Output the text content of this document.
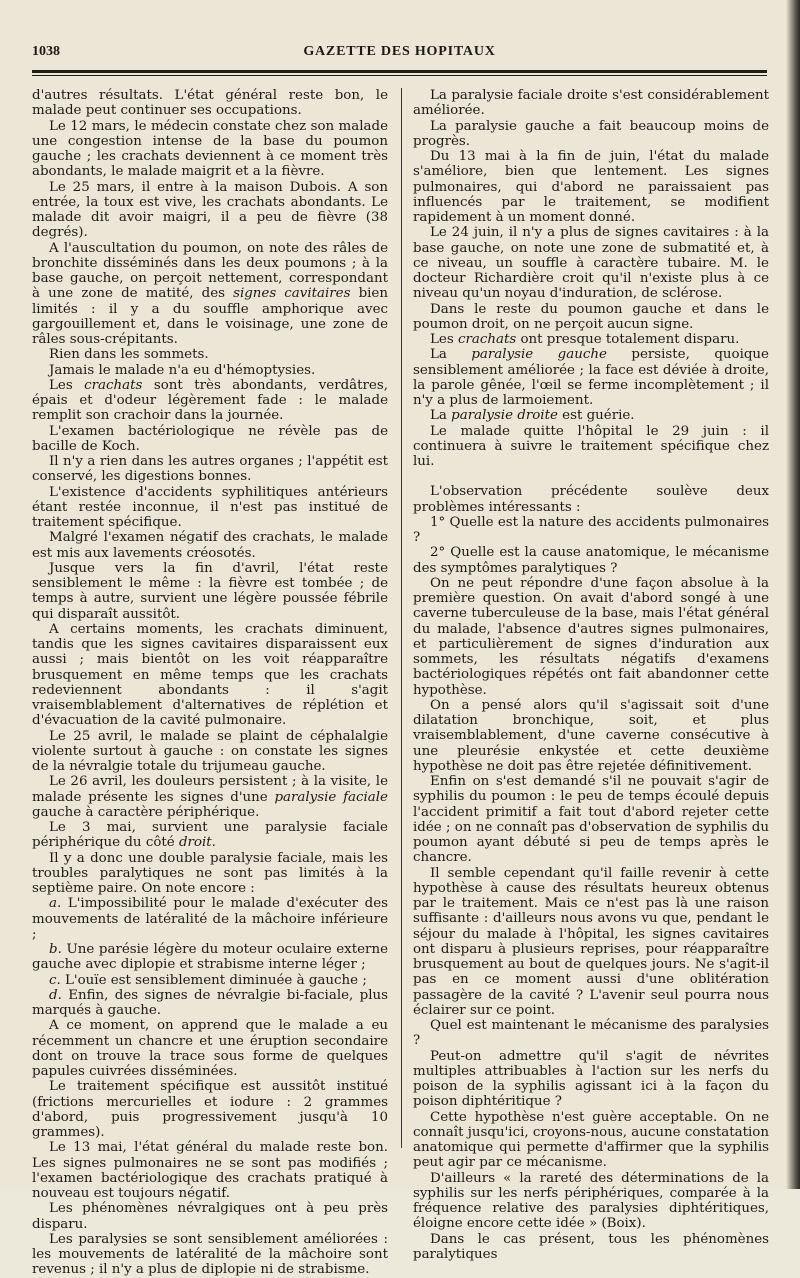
1038	GAZETTE DES HOPITAUX

d'autres résultats. L'état général reste bon, le malade peut continuer ses occupations.

Le 12 mars, le médecin constate chez son malade une congestion intense de la base du poumon gauche ; les crachats deviennent à ce moment très abondants, le malade maigrit et a la fièvre.

Le 25 mars, il entre à la maison Dubois. A son entrée, la toux est vive, les crachats abondants. Le malade dit avoir maigri, il a peu de fièvre (38 degrés).

A l'auscultation du poumon, on note des râles de bronchite disséminés dans les deux poumons ; à la base gauche, on perçoit nettement, correspondant à une zone de matité, des signes cavitaires bien limités : il y a du souffle amphorique avec gargouillement et, dans le voisinage, une zone de râles sous-crépitants.

Rien dans les sommets.

Jamais le malade n'a eu d'hémoptysies.

Les crachats sont très abondants, verdâtres, épais et d'odeur légèrement fade : le malade remplit son crachoir dans la journée.

L'examen bactériologique ne révèle pas de bacille de Koch.

Il n'y a rien dans les autres organes ; l'appétit est conservé, les digestions bonnes.

L'existence d'accidents syphilitiques antérieurs étant restée inconnue, il n'est pas institué de traitement spécifique.

Malgré l'examen négatif des crachats, le malade est mis aux lavements créosotés.

Jusque vers la fin d'avril, l'état reste sensiblement le même : la fièvre est tombée ; de temps à autre, survient une légère poussée fébrile qui disparaît aussitôt.

A certains moments, les crachats diminuent, tandis que les signes cavitaires disparaissent eux aussi ; mais bientôt on les voit réapparaître brusquement en même temps que les crachats redeviennent abondants : il s'agit vraisemblablement d'alternatives de réplétion et d'évacuation de la cavité pulmonaire.

Le 25 avril, le malade se plaint de céphalalgie violente surtout à gauche : on constate les signes de la névralgie totale du trijumeau gauche.

Le 26 avril, les douleurs persistent ; à la visite, le malade présente les signes d'une paralysie faciale gauche à caractère périphérique.

Le 3 mai, survient une paralysie faciale périphérique du côté droit.

Il y a donc une double paralysie faciale, mais les troubles paralytiques ne sont pas limités à la septième paire. On note encore :

a. L'impossibilité pour le malade d'exécuter des mouvements de latéralité de la mâchoire inférieure ;

b. Une parésie légère du moteur oculaire externe gauche avec diplopie et strabisme interne léger ;

c. L'ouïe est sensiblement diminuée à gauche ;

d. Enfin, des signes de névralgie bi-faciale, plus marqués à gauche.

A ce moment, on apprend que le malade a eu récemment un chancre et une éruption secondaire dont on trouve la trace sous forme de quelques papules cuivrées disséminées.

Le traitement spécifique est aussitôt institué (frictions mercurielles et iodure : 2 grammes d'abord, puis progressivement jusqu'à 10 grammes).

Le 13 mai, l'état général du malade reste bon. Les signes pulmonaires ne se sont pas modifiés ; l'examen bactériologique des crachats pratiqué à nouveau est toujours négatif.

Les phénomènes névralgiques ont à peu près disparu.

Les paralysies se sont sensiblement améliorées : les mouvements de latéralité de la mâchoire sont revenus ; il n'y a plus de diplopie ni de strabisme.

La paralysie faciale droite s'est considérablement améliorée.

La paralysie gauche a fait beaucoup moins de progrès.

Du 13 mai à la fin de juin, l'état du malade s'améliore, bien que lentement. Les signes pulmonaires, qui d'abord ne paraissaient pas influencés par le traitement, se modifient rapidement à un moment donné.

Le 24 juin, il n'y a plus de signes cavitaires : à la base gauche, on note une zone de submatité et, à ce niveau, un souffle à caractère tubaire. M. le docteur Richardière croit qu'il n'existe plus à ce niveau qu'un noyau d'induration, de sclérose.

Dans le reste du poumon gauche et dans le poumon droit, on ne perçoit aucun signe.

Les crachats ont presque totalement disparu.

La paralysie gauche persiste, quoique sensiblement améliorée ; la face est déviée à droite, la parole gênée, l'œil se ferme incomplètement ; il n'y a plus de larmoiement.

La paralysie droite est guérie.

Le malade quitte l'hôpital le 29 juin : il continuera à suivre le traitement spécifique chez lui.

L'observation précédente soulève deux problèmes intéressants :

1° Quelle est la nature des accidents pulmonaires ?

2° Quelle est la cause anatomique, le mécanisme des symptômes paralytiques ?

On ne peut répondre d'une façon absolue à la première question. On avait d'abord songé à une caverne tuberculeuse de la base, mais l'état général du malade, l'absence d'autres signes pulmonaires, et particulièrement de signes d'induration aux sommets, les résultats négatifs d'examens bactériologiques répétés ont fait abandonner cette hypothèse.

On a pensé alors qu'il s'agissait soit d'une dilatation bronchique, soit, et plus vraisemblablement, d'une caverne consécutive à une pleurésie enkystée et cette deuxième hypothèse ne doit pas être rejetée définitivement.

Enfin on s'est demandé s'il ne pouvait s'agir de syphilis du poumon : le peu de temps écoulé depuis l'accident primitif a fait tout d'abord rejeter cette idée ; on ne connaît pas d'observation de syphilis du poumon ayant débuté si peu de temps après le chancre.

Il semble cependant qu'il faille revenir à cette hypothèse à cause des résultats heureux obtenus par le traitement. Mais ce n'est pas là une raison suffisante : d'ailleurs nous avons vu que, pendant le séjour du malade à l'hôpital, les signes cavitaires ont disparu à plusieurs reprises, pour réapparaître brusquement au bout de quelques jours. Ne s'agit-il pas en ce moment aussi d'une oblitération passagère de la cavité ? L'avenir seul pourra nous éclairer sur ce point.

Quel est maintenant le mécanisme des paralysies ?

Peut-on admettre qu'il s'agit de névrites multiples attribuables à l'action sur les nerfs du poison de la syphilis agissant ici à la façon du poison diphtéritique ?

Cette hypothèse n'est guère acceptable. On ne connaît jusqu'ici, croyons-nous, aucune constatation anatomique qui permette d'affirmer que la syphilis peut agir par ce mécanisme.

D'ailleurs « la rareté des déterminations de la syphilis sur les nerfs périphériques, comparée à la fréquence relative des paralysies diphtéritiques, éloigne encore cette idée » (Boix).

Dans le cas présent, tous les phénomènes paralytiques
